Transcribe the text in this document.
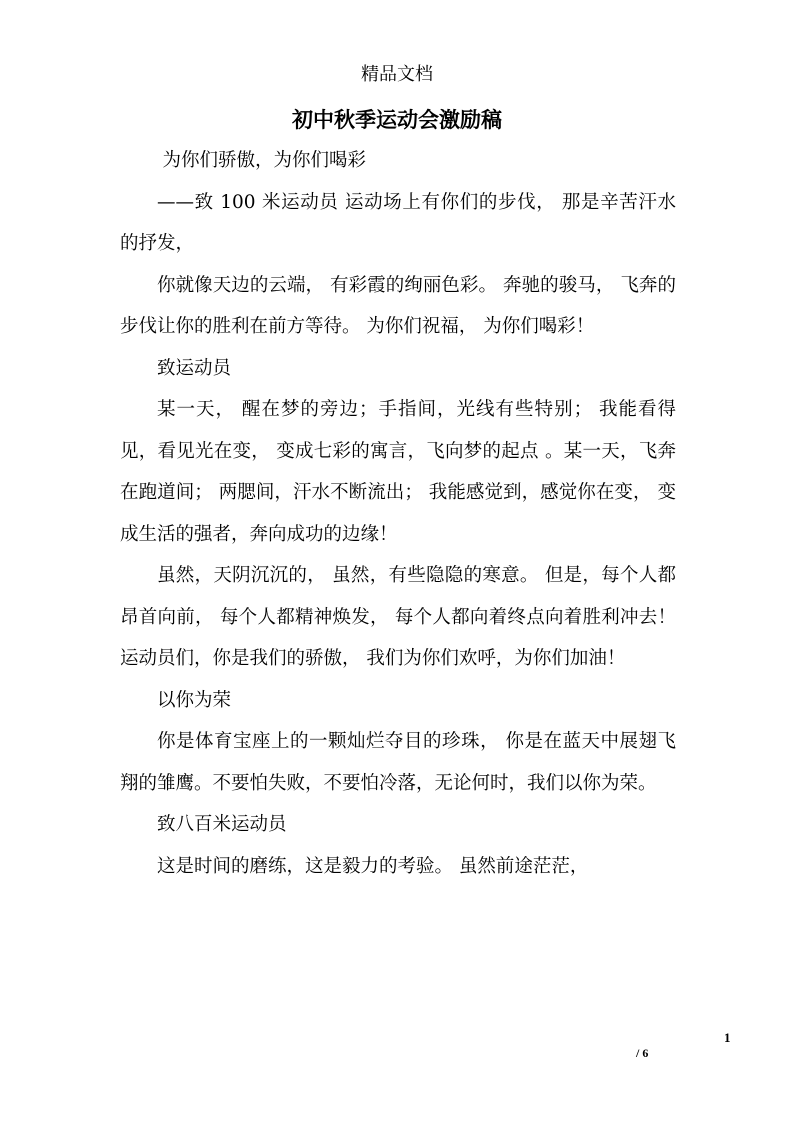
精品文档
初中秋季运动会激励稿

为你们骄傲，为你们喝彩

——致 100 米运动员 运动场上有你们的步伐， 那是辛苦汗水的抒发，

你就像天边的云端， 有彩霞的绚丽色彩。 奔驰的骏马， 飞奔的步伐让你的胜利在前方等待。 为你们祝福， 为你们喝彩！

致运动员

某一天， 醒在梦的旁边；手指间，光线有些特别； 我能看得见，看见光在变， 变成七彩的寓言，飞向梦的起点 。某一天，飞奔在跑道间； 两腮间，汗水不断流出； 我能感觉到，感觉你在变， 变成生活的强者，奔向成功的边缘！

虽然，天阴沉沉的， 虽然，有些隐隐的寒意。 但是，每个人都昂首向前， 每个人都精神焕发， 每个人都向着终点向着胜利冲去！运动员们，你是我们的骄傲， 我们为你们欢呼，为你们加油！

以你为荣

你是体育宝座上的一颗灿烂夺目的珍珠， 你是在蓝天中展翅飞翔的雏鹰。不要怕失败，不要怕冷落，无论何时，我们以你为荣。

致八百米运动员

这是时间的磨练，这是毅力的考验。 虽然前途茫茫，

1
/ 6
